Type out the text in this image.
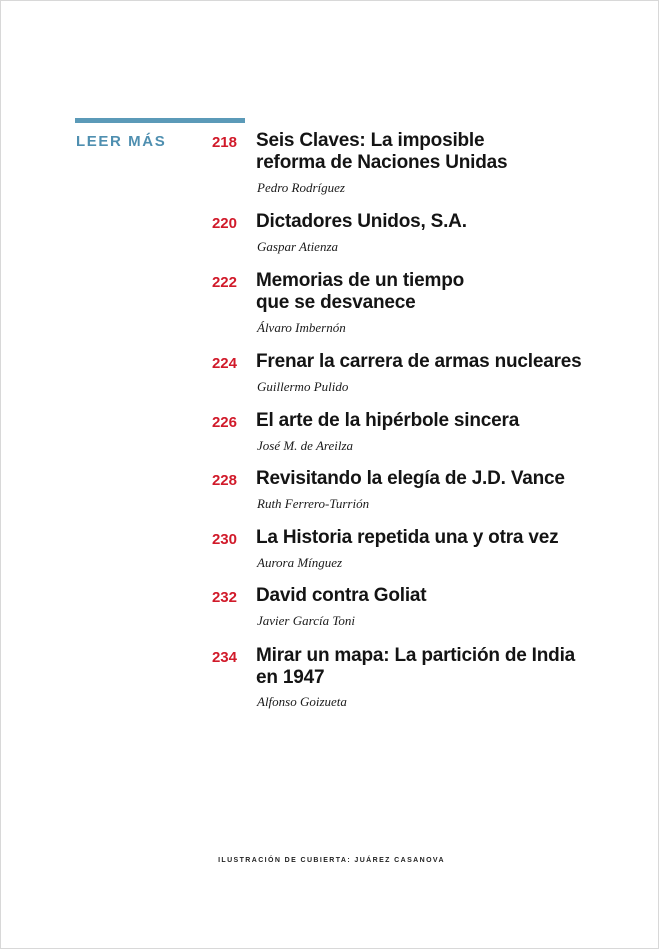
LEER MÁS	218 Seis Claves: La imposible
reforma de Naciones Unidas
Pedro Rodríguez
220 Dictadores Unidos, S.A.
Gaspar Atienza
222 Memorias de un tiempo
que se desvanece
Álvaro Imbernón
224 Frenar la carrera de armas nucleares
Guillermo Pulido
226 El arte de la hipérbole sincera
José M. de Areilza
228 Revisitando la elegía de J.D. Vance
Ruth Ferrero-Turrión
230 La Historia repetida una y otra vez
Aurora Mínguez
232 David contra Goliat
Javier García Toni
234 Mirar un mapa: La partición de India
en 1947
Alfonso Goizueta
ILUSTRACIÓN DE CUBIERTA: JUÁREZ CASANOVA
